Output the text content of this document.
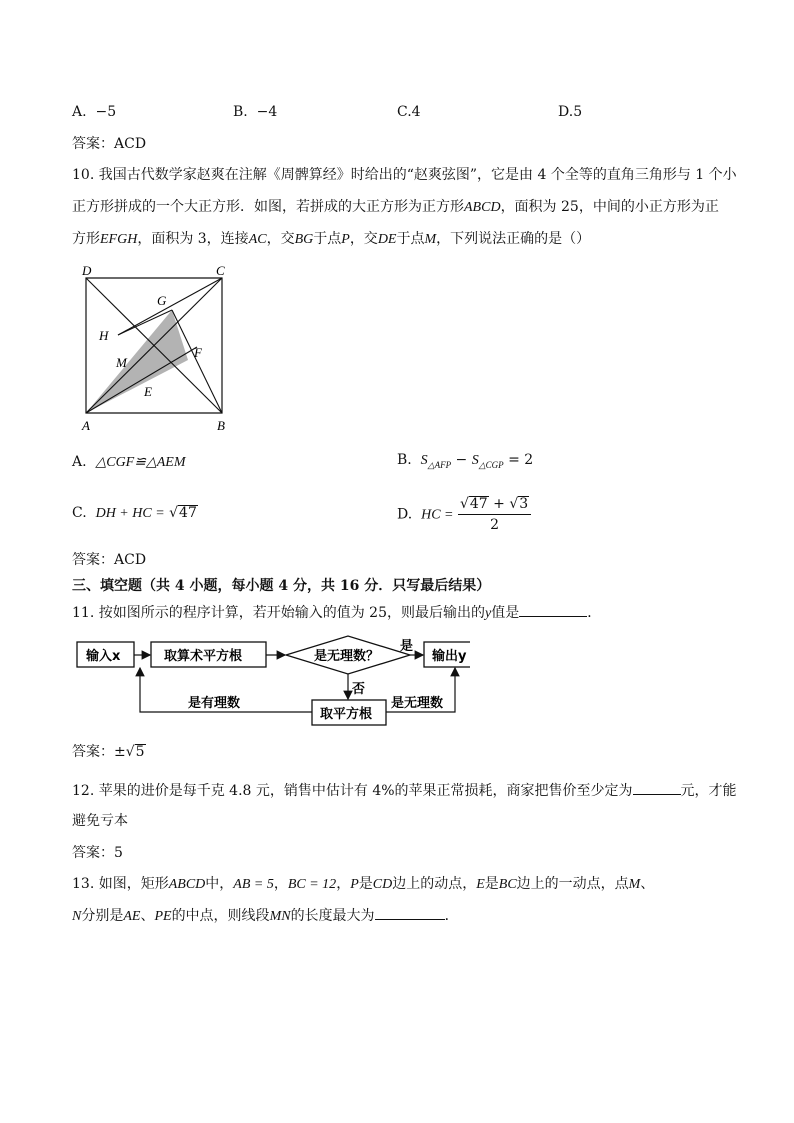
A. −5	B. −4	C.4	D.5
答案：ACD
10. 我国古代数学家赵爽在注解《周髀算经》时给出的“赵爽弦图”，它是由 4 个全等的直角三角形与 1 个小
正方形拼成的一个大正方形．如图，若拼成的大正方形为正方形ABCD，面积为 25，中间的小正方形为正
方形EFGH，面积为 3，连接AC，交BG于点P，交DE于点M，下列说法正确的是（）
D	C
A	B
G
H
F
M
E
A. △CGF≌△AEM	B. $S_{\triangle AFP} - S_{\triangle CGP} = 2$
C. DH + HC = √47	D. HC = $\frac{√47 + √3}{2}$
答案：ACD
三、填空题（共 4 小题，每小题 4 分，共 16 分．只写最后结果）
11. 按如图所示的程序计算，若开始输入的值为 25，则最后输出的y值是	．
输入x	取算术平方根	是无理数？	输出y
取平方根
是
否
是无理数
是有理数
答案：±√5
12. 苹果的进价是每千克 4.8 元，销售中估计有 4%的苹果正常损耗，商家把售价至少定为	元，才能
避免亏本
答案：5
13. 如图，矩形ABCD中，AB = 5，BC = 12，P是CD边上的动点，E是BC边上的一动点，点M、
N分别是AE、PE的中点，则线段MN的长度最大为	．
